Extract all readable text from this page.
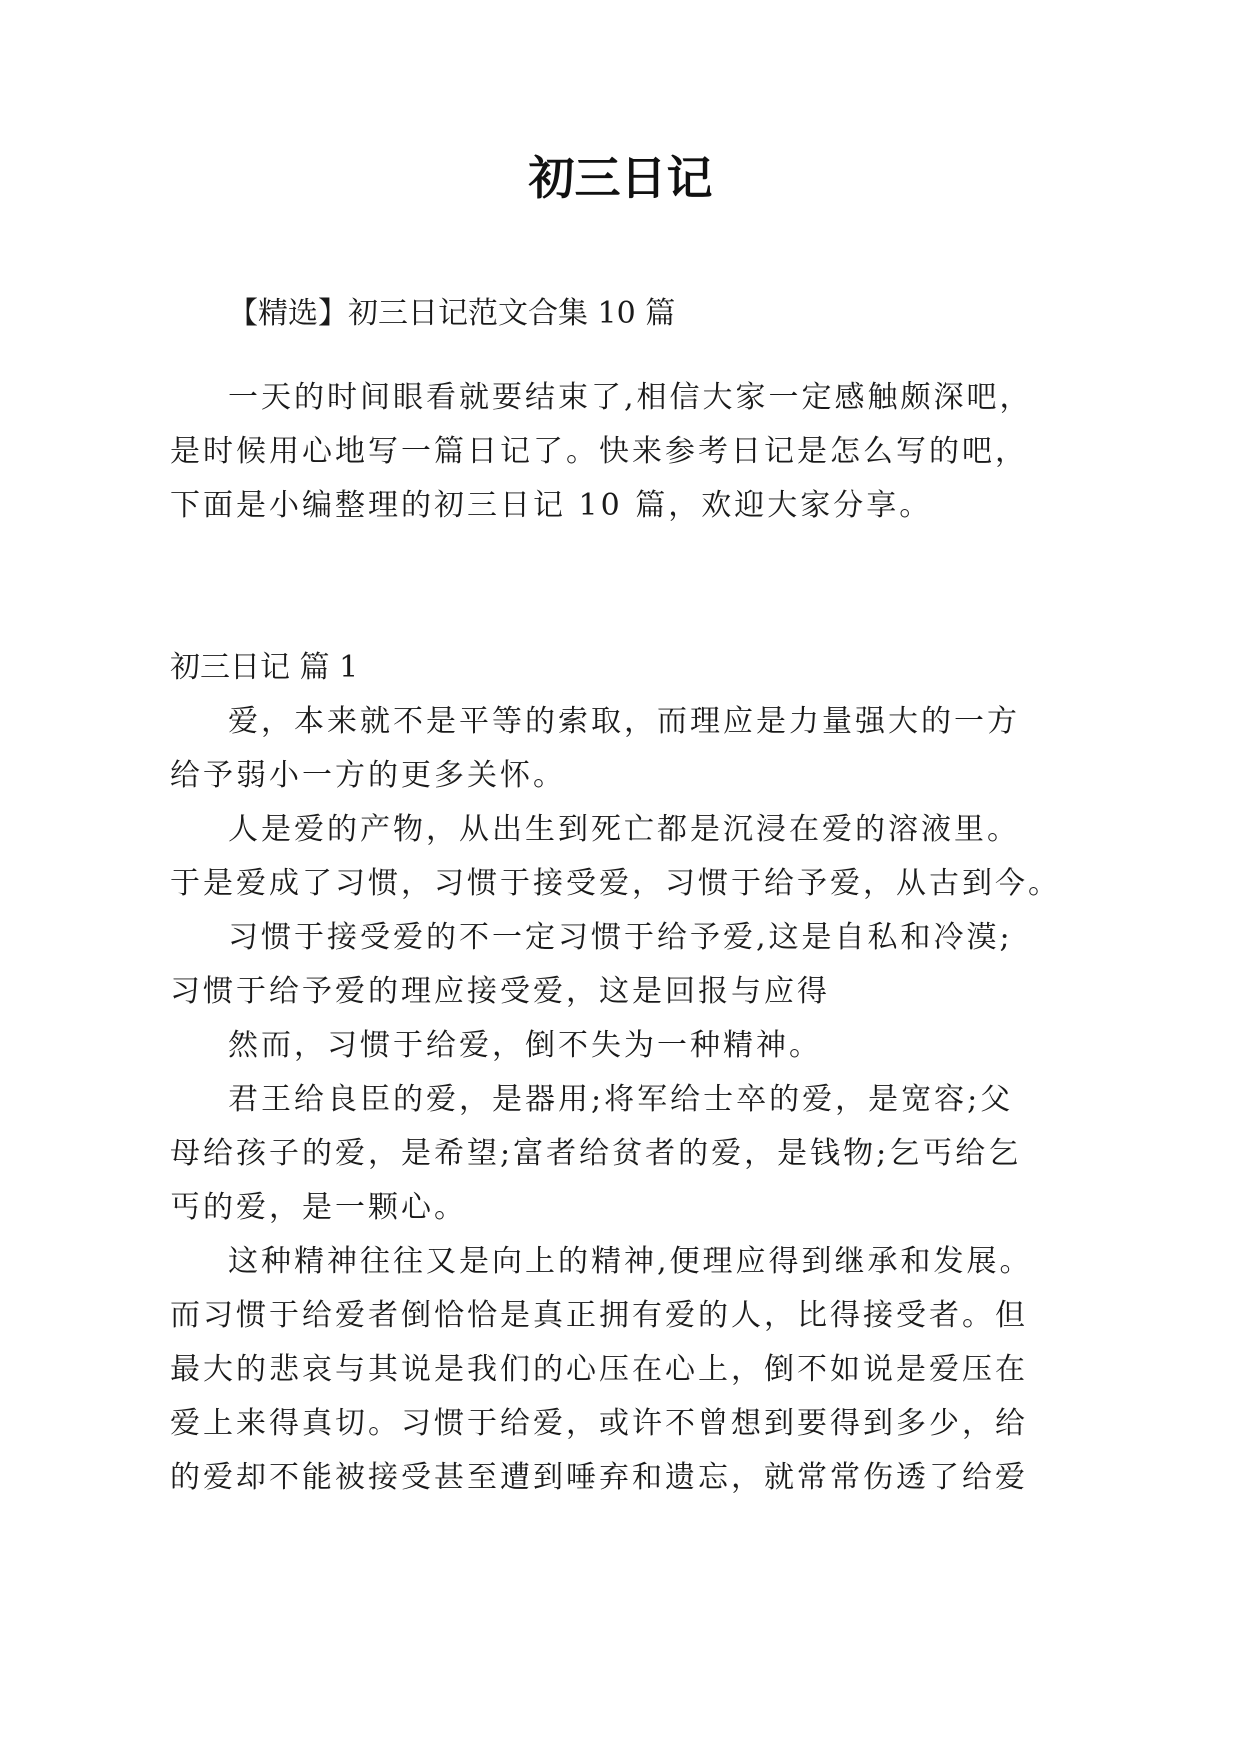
初三日记
【精选】初三日记范文合集 10 篇
一天的时间眼看就要结束了,相信大家一定感触颇深吧，
是时候用心地写一篇日记了。快来参考日记是怎么写的吧，
下面是小编整理的初三日记 10 篇，欢迎大家分享。
初三日记 篇 1
爱，本来就不是平等的索取，而理应是力量强大的一方
给予弱小一方的更多关怀。
人是爱的产物，从出生到死亡都是沉浸在爱的溶液里。
于是爱成了习惯，习惯于接受爱，习惯于给予爱，从古到今。
习惯于接受爱的不一定习惯于给予爱,这是自私和冷漠;
习惯于给予爱的理应接受爱，这是回报与应得
然而，习惯于给爱，倒不失为一种精神。
君王给良臣的爱，是器用;将军给士卒的爱，是宽容;父
母给孩子的爱，是希望;富者给贫者的爱，是钱物;乞丐给乞
丐的爱，是一颗心。
这种精神往往又是向上的精神,便理应得到继承和发展。
而习惯于给爱者倒恰恰是真正拥有爱的人，比得接受者。但
最大的悲哀与其说是我们的心压在心上，倒不如说是爱压在
爱上来得真切。习惯于给爱，或许不曾想到要得到多少，给
的爱却不能被接受甚至遭到唾弃和遗忘，就常常伤透了给爱
